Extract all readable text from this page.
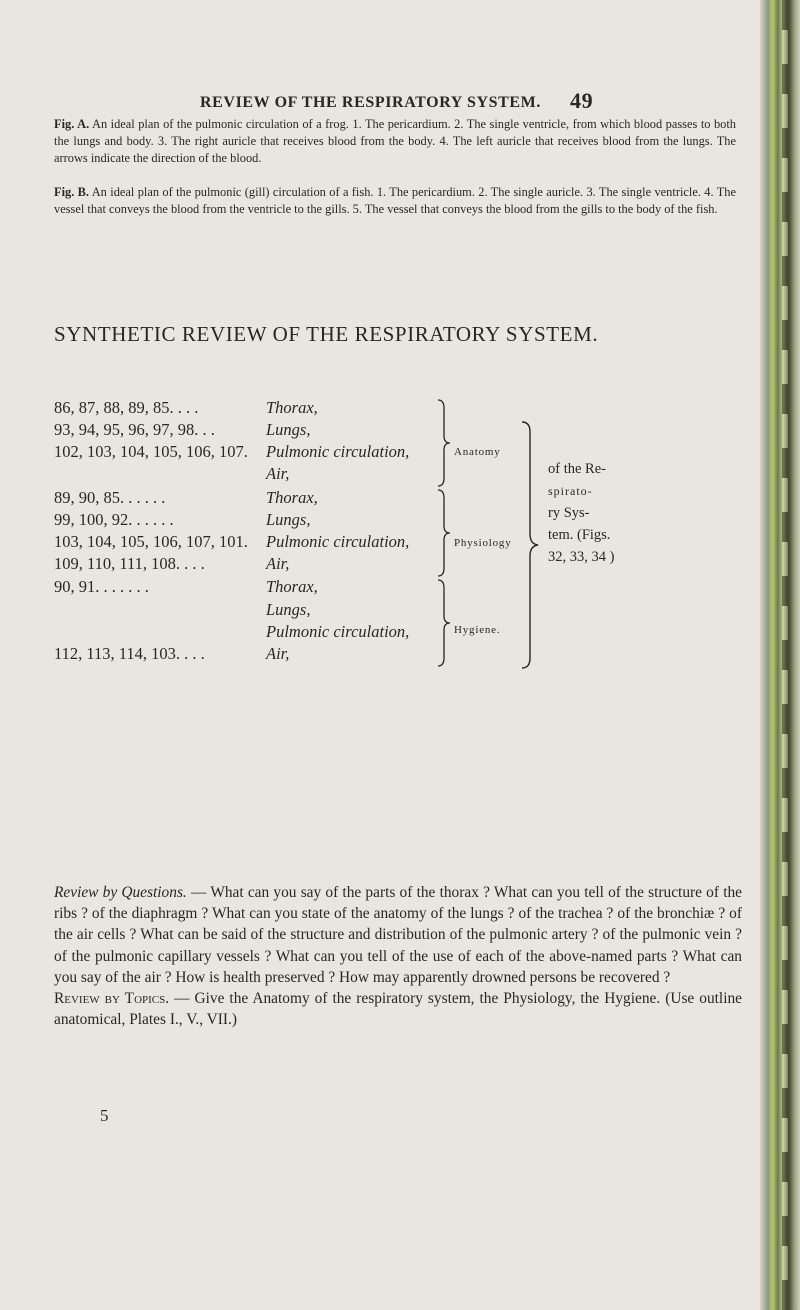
REVIEW OF THE RESPIRATORY SYSTEM. 49
Fig. A. An ideal plan of the pulmonic circulation of a frog. 1. The pericardium. 2. The single ventricle, from which blood passes to both the lungs and body. 3. The right auricle that receives blood from the body. 4. The left auricle that receives blood from the lungs. The arrows indicate the direction of the blood.
Fig. B. An ideal plan of the pulmonic (gill) circulation of a fish. 1. The pericardium. 2. The single auricle. 3. The single ventricle. 4. The vessel that conveys the blood from the ventricle to the gills. 5. The vessel that conveys the blood from the gills to the body of the fish.
SYNTHETIC REVIEW OF THE RESPIRATORY SYSTEM.
86, 87, 88, 89, 85. . . .	Thorax,
93, 94, 95, 96, 97, 98. . .	Lungs,
102, 103, 104, 105, 106, 107. Pulmonic circulation,
Air,
Anatomy
89, 90, 85. . . . . .	Thorax,
99, 100, 92. . . . . .	Lungs,
103, 104, 105, 106, 107, 101. Pulmonic circulation,
109, 110, 111, 108. . . .	Air,
Physiology
90, 91. . . . . . .	Thorax,
Lungs,
Pulmonic circulation,
112, 113, 114, 103. . . .	Air,
Hygiene.
of the Re-
spirato-
ry Sys-
tem. (Figs.
32, 33, 34 )

Review by Questions. — What can you say of the parts of the thorax ? What can you tell of the structure of the ribs ? of the diaphragm ? What can you state of the anatomy of the lungs ? of the trachea ? of the bronchiæ ? of the air cells ? What can be said of the structure and distribution of the pulmonic artery ? of the pulmonic vein ? of the pulmonic capillary vessels ? What can you tell of the use of each of the above-named parts ? What can you say of the air ? How is health preserved ? How may apparently drowned persons be recovered ?

Review by Topics. — Give the Anatomy of the respiratory system, the Physiology, the Hygiene. (Use outline anatomical, Plates I., V., VII.)

5
